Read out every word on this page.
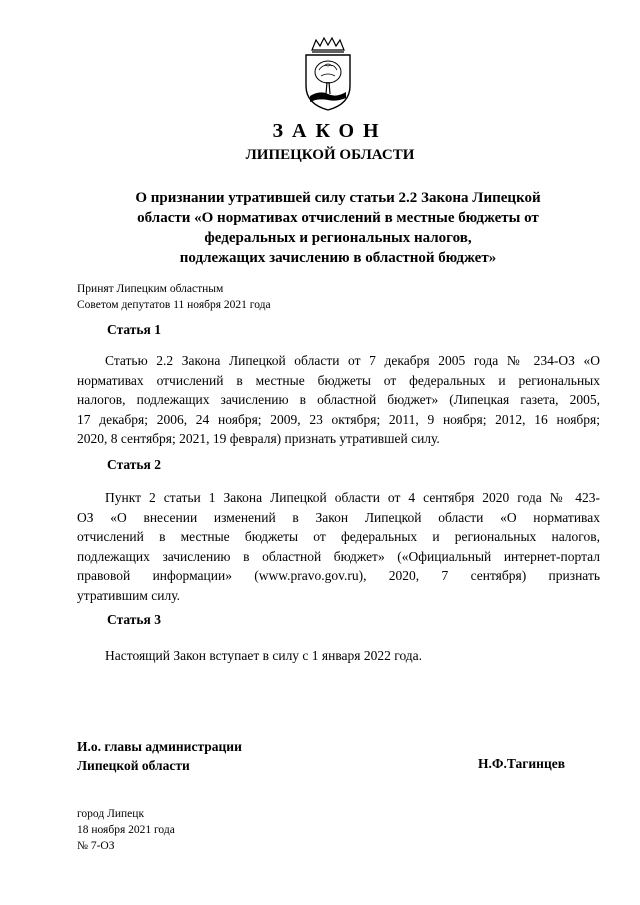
ЗАКОН
ЛИПЕЦКОЙ ОБЛАСТИ
О признании утратившей силу статьи 2.2 Закона Липецкой
области «О нормативах отчислений в местные бюджеты от
федеральных и региональных налогов,
подлежащих зачислению в областной бюджет»
Принят Липецким областным
Советом депутатов 11 ноября 2021 года
Статья 1
Статью 2.2 Закона Липецкой области от 7 декабря 2005 года № 234-ОЗ «О
нормативах отчислений в местные бюджеты от федеральных и региональных
налогов, подлежащих зачислению в областной бюджет» (Липецкая газета, 2005,
17 декабря; 2006, 24 ноября; 2009, 23 октября; 2011, 9 ноября; 2012, 16 ноября;
2020, 8 сентября; 2021, 19 февраля) признать утратившей силу.
Статья 2
Пункт 2 статьи 1 Закона Липецкой области от 4 сентября 2020 года № 423-
ОЗ «О внесении изменений в Закон Липецкой области «О нормативах
отчислений в местные бюджеты от федеральных и региональных налогов,
подлежащих зачислению в областной бюджет» («Официальный интернет-портал
правовой информации» (www.pravo.gov.ru), 2020, 7 сентября) признать
утратившим силу.
Статья 3
Настоящий Закон вступает в силу с 1 января 2022 года.
И.о. главы администрации
Липецкой области	Н.Ф.Тагинцев
город Липецк
18 ноября 2021 года
№ 7-ОЗ
